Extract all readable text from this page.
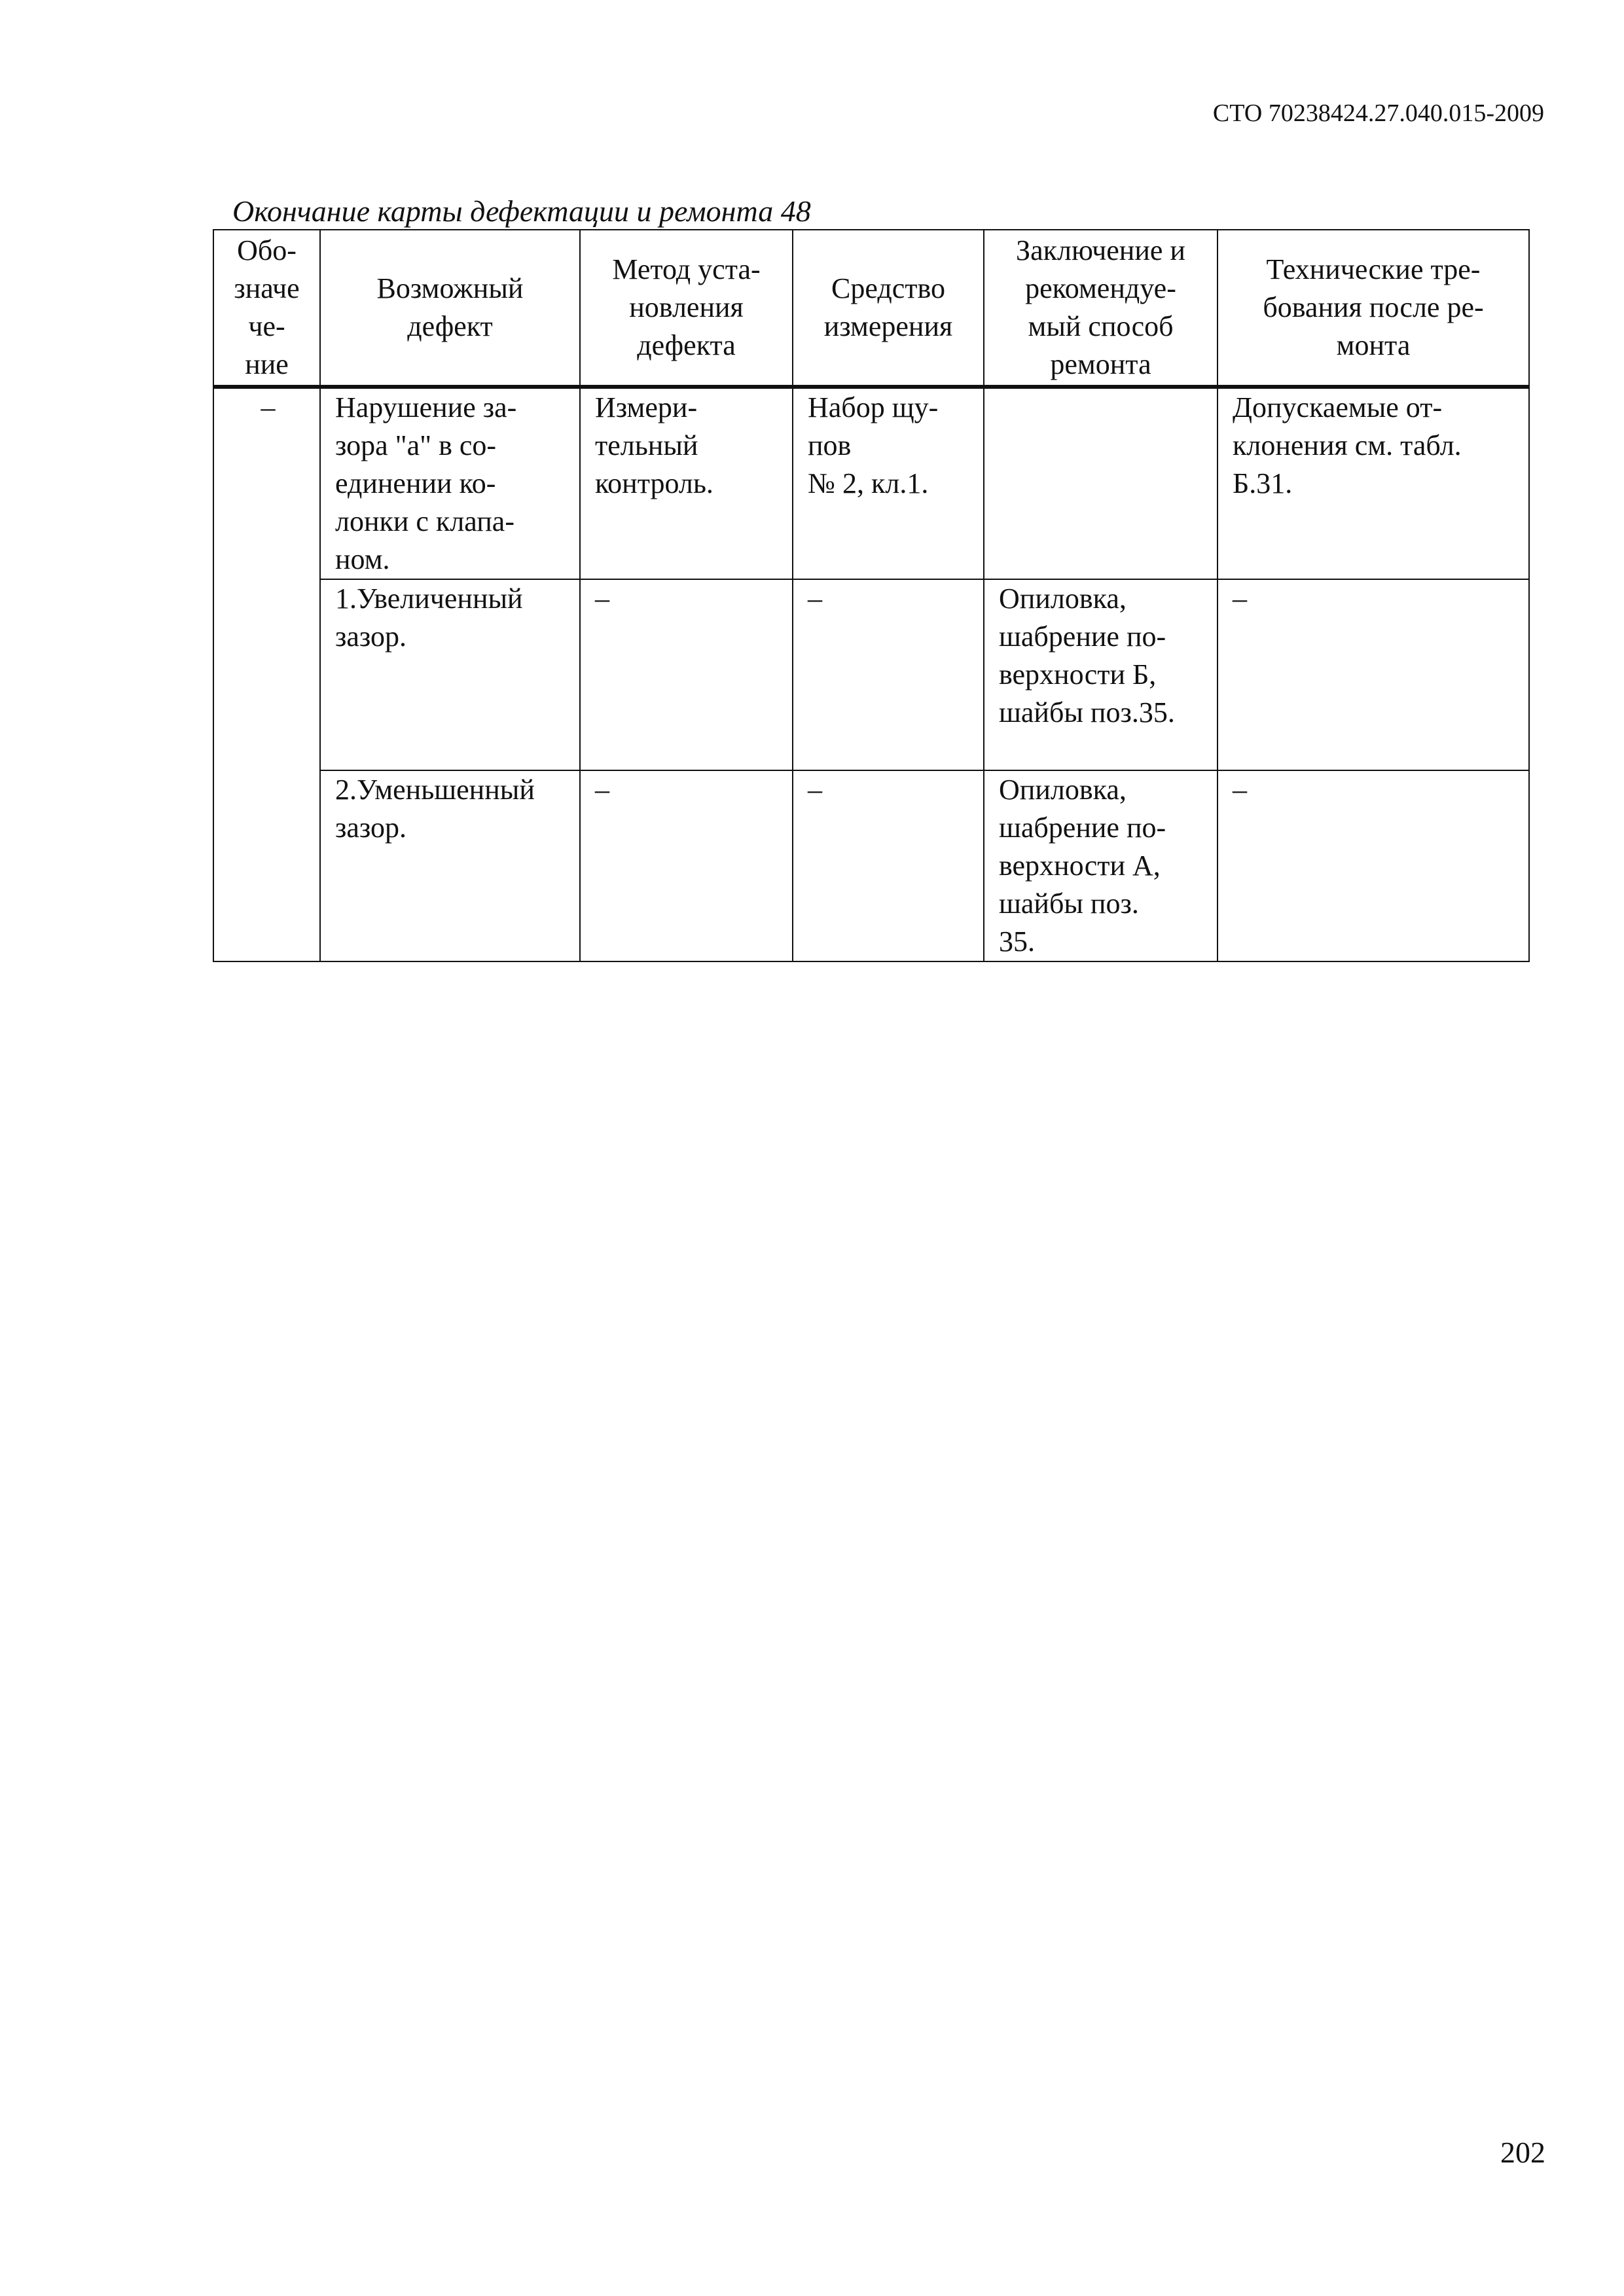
СТО 70238424.27.040.015-2009
Окончание карты дефектации и ремонта 48
Обо-
значе
че-
ние	Возможный
дефект	Метод уста-
новления
дефекта	Средство
измерения	Заключение и
рекомендуе-
мый способ
ремонта	Технические тре-
бования после ре-
монта

–	Нарушение за-
зора "а" в со-
единении ко-
лонки с клапа-
ном.	Измери-
тельный
контроль.	Набор щу-
пов
№ 2, кл.1.		Допускаемые от-
клонения см. табл.
Б.31.
	1.Увеличенный
зазор.	–	–	Опиловка,
шабрение по-
верхности Б,
шайбы поз.35.	–
	2.Уменьшенный
зазор.	–	–	Опиловка,
шабрение по-
верхности А,
шайбы поз.
35.	–
202
